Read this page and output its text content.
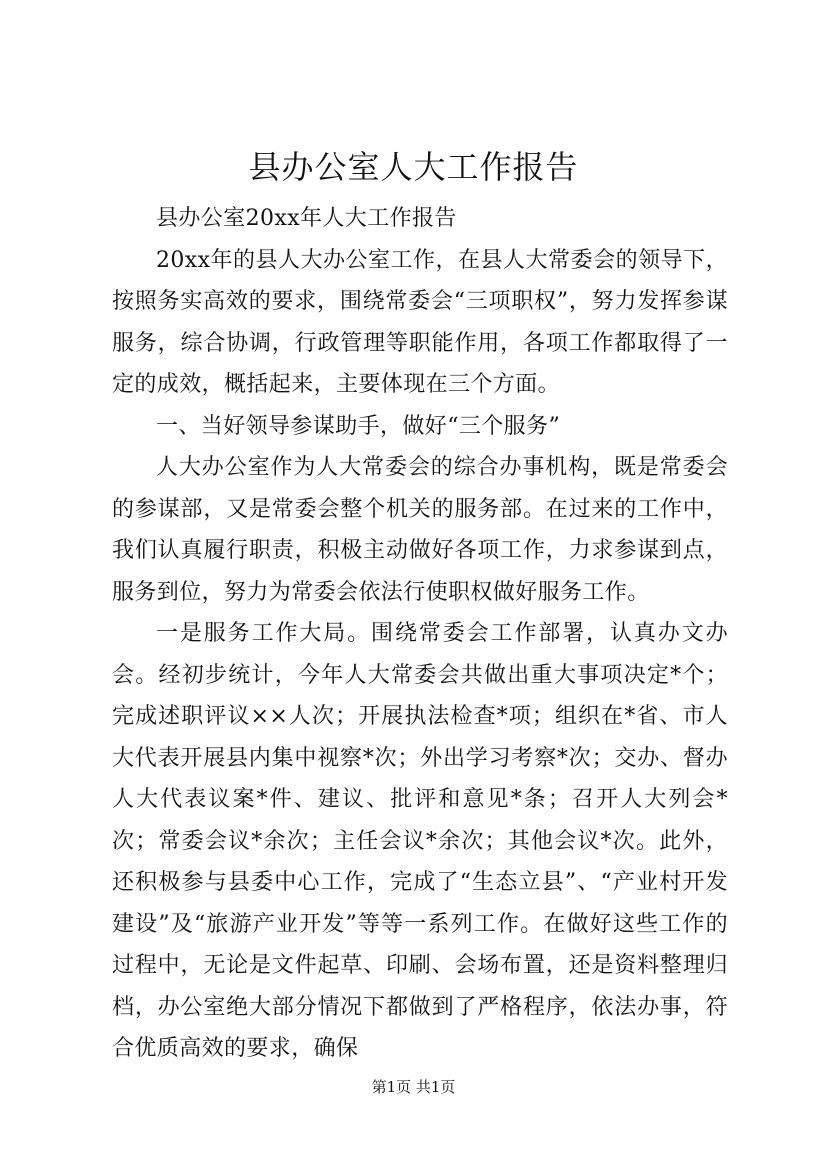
县办公室人大工作报告

县办公室20xx年人大工作报告

20xx年的县人大办公室工作，在县人大常委会的领导下，按照务实高效的要求，围绕常委会“三项职权”，努力发挥参谋服务，综合协调，行政管理等职能作用，各项工作都取得了一定的成效，概括起来，主要体现在三个方面。

一、当好领导参谋助手，做好“三个服务”

人大办公室作为人大常委会的综合办事机构，既是常委会的参谋部，又是常委会整个机关的服务部。在过来的工作中，我们认真履行职责，积极主动做好各项工作，力求参谋到点，服务到位，努力为常委会依法行使职权做好服务工作。

一是服务工作大局。围绕常委会工作部署，认真办文办会。经初步统计，今年人大常委会共做出重大事项决定*个；完成述职评议××人次；开展执法检查*项；组织在*省、市人大代表开展县内集中视察*次；外出学习考察*次；交办、督办人大代表议案*件、建议、批评和意见*条；召开人大列会*次；常委会议*余次；主任会议*余次；其他会议*次。此外，还积极参与县委中心工作，完成了“生态立县”、“产业村开发建设”及“旅游产业开发”等等一系列工作。在做好这些工作的过程中，无论是文件起草、印刷、会场布置，还是资料整理归档，办公室绝大部分情况下都做到了严格程序，依法办事，符合优质高效的要求，确保

第1页 共1页
